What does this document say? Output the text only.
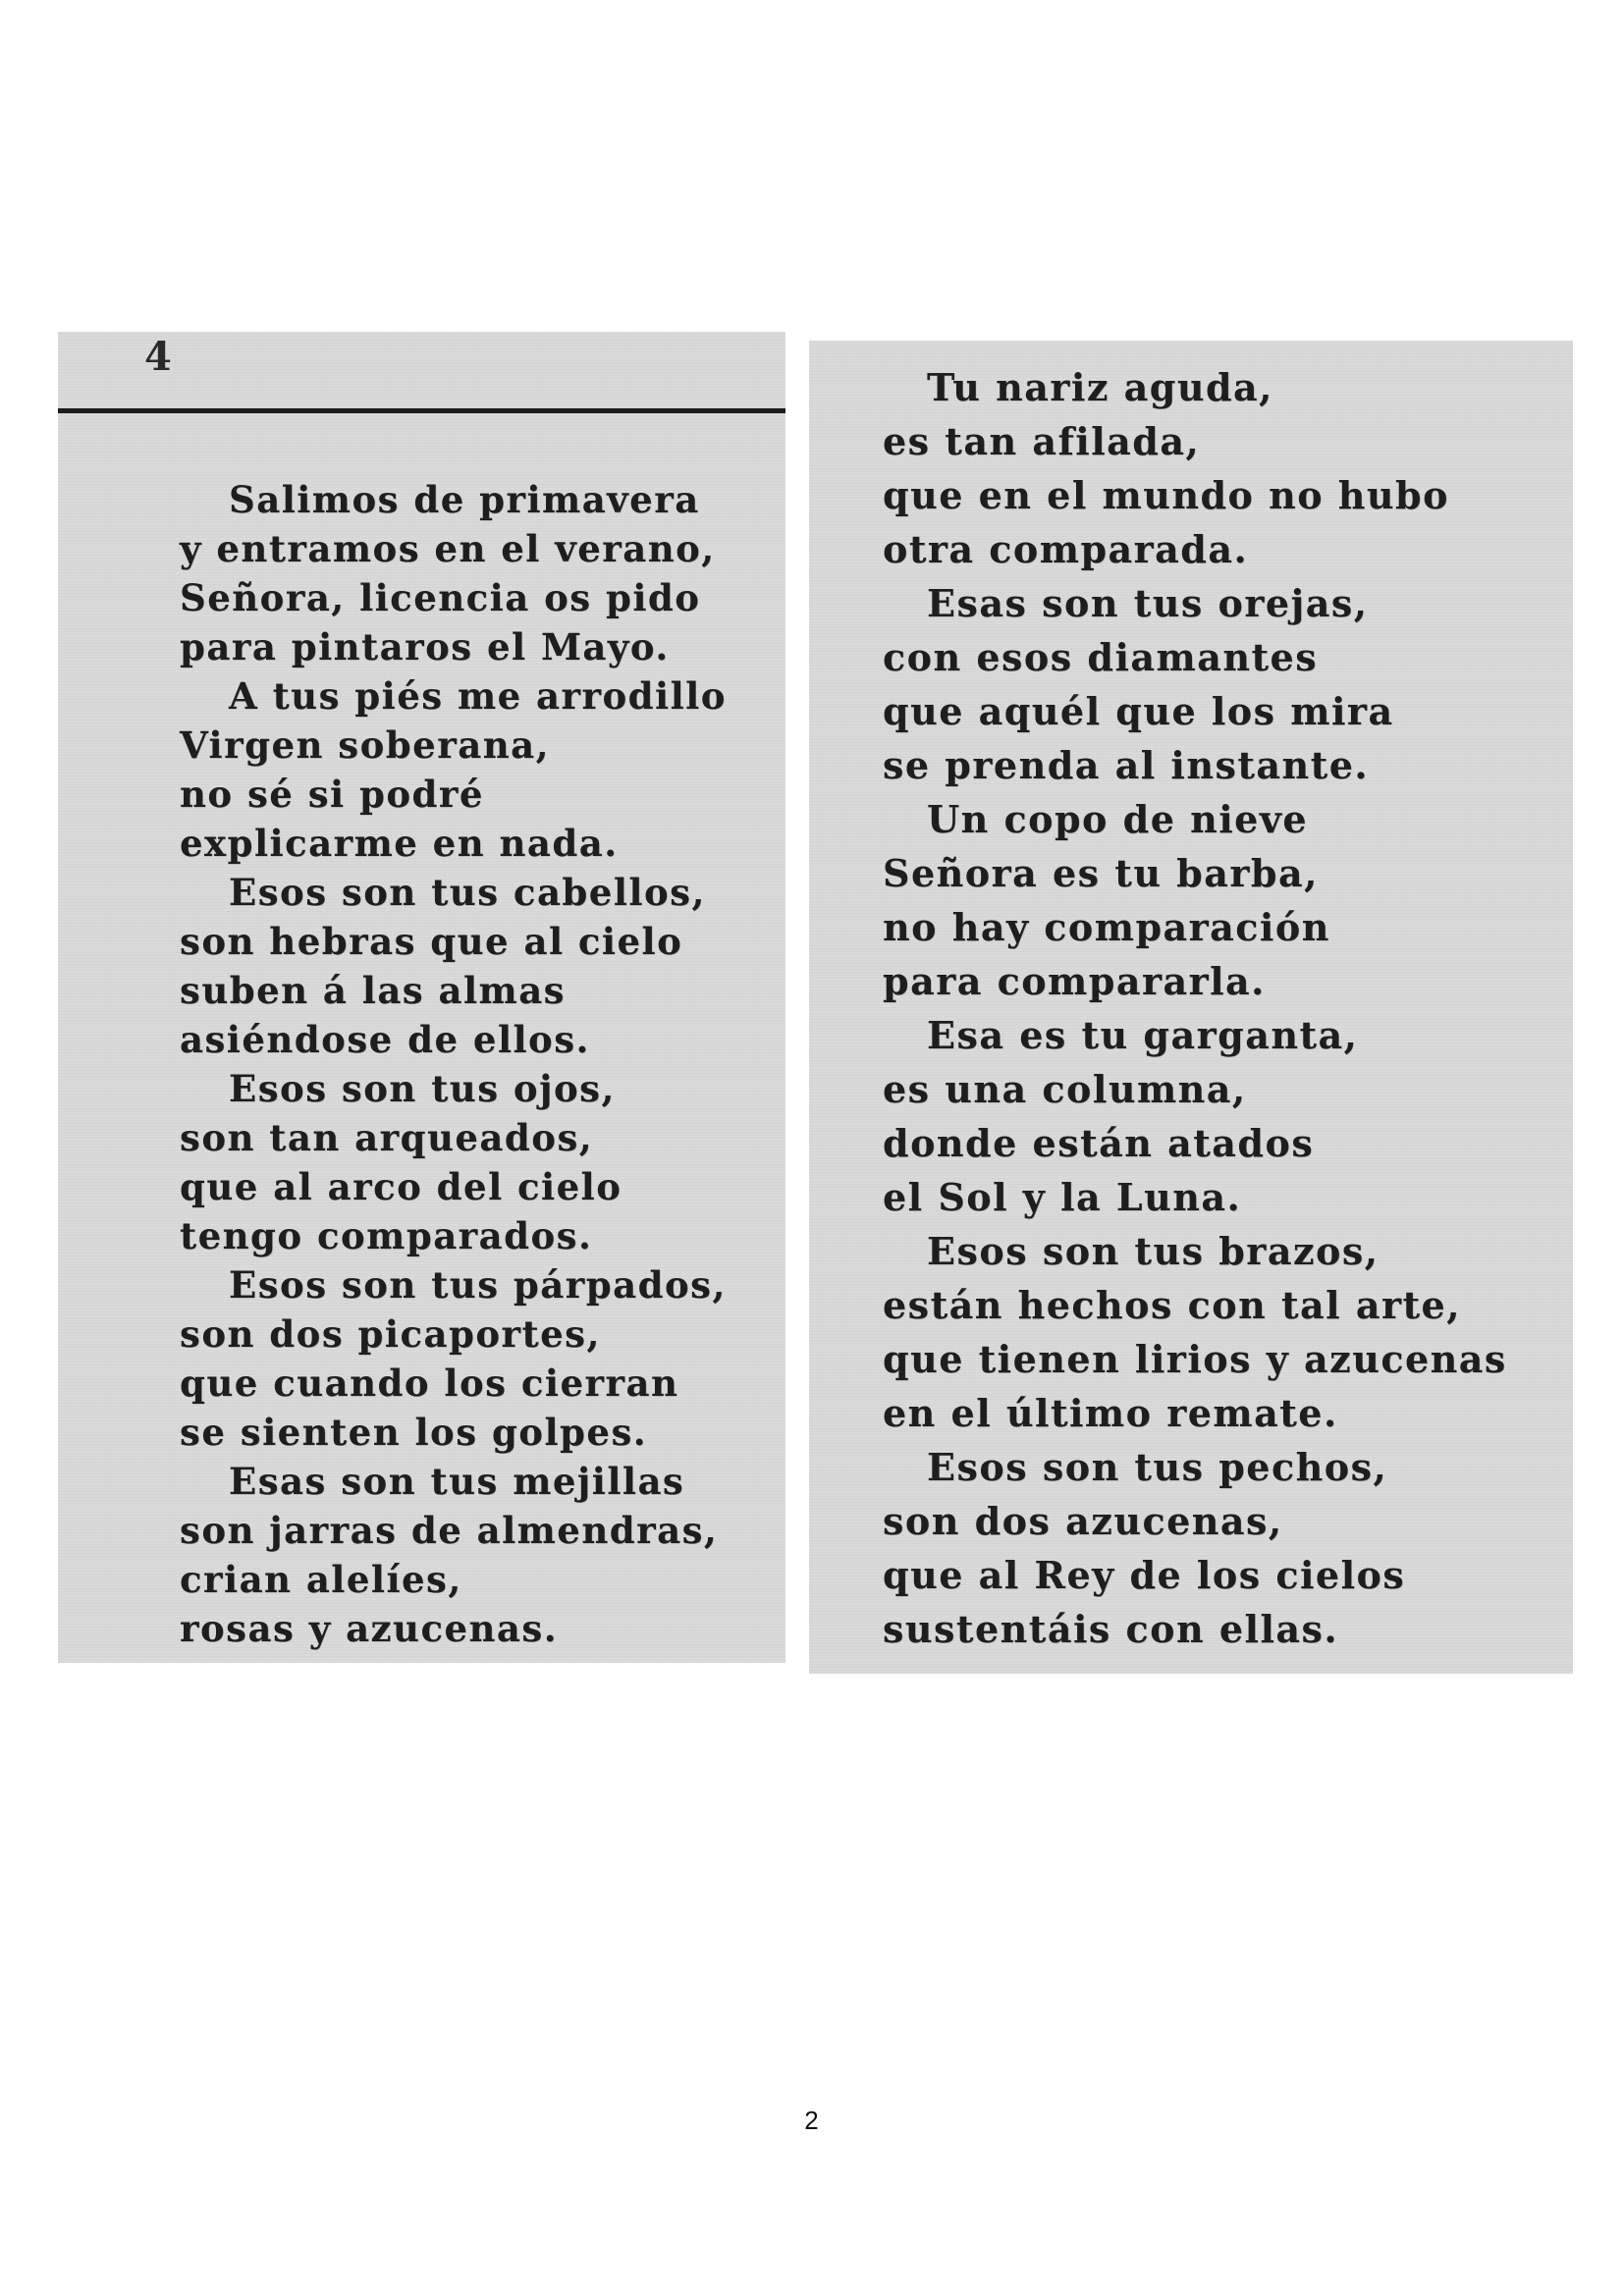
4
Salimos de primavera
y entramos en el verano,
Señora, licencia os pido
para pintaros el Mayo.
A tus piés me arrodillo
Virgen soberana,
no sé si podré
explicarme en nada.
Esos son tus cabellos,
son hebras que al cielo
suben á las almas
asiéndose de ellos.
Esos son tus ojos,
son tan arqueados,
que al arco del cielo
tengo comparados.
Esos son tus párpados,
son dos picaportes,
que cuando los cierran
se sienten los golpes.
Esas son tus mejillas
son jarras de almendras,
crian alelíes,
rosas y azucenas.
Tu nariz aguda,
es tan afilada,
que en el mundo no hubo
otra comparada.
Esas son tus orejas,
con esos diamantes
que aquél que los mira
se prenda al instante.
Un copo de nieve
Señora es tu barba,
no hay comparación
para compararla.
Esa es tu garganta,
es una columna,
donde están atados
el Sol y la Luna.
Esos son tus brazos,
están hechos con tal arte,
que tienen lirios y azucenas
en el último remate.
Esos son tus pechos,
son dos azucenas,
que al Rey de los cielos
sustentáis con ellas.
2
